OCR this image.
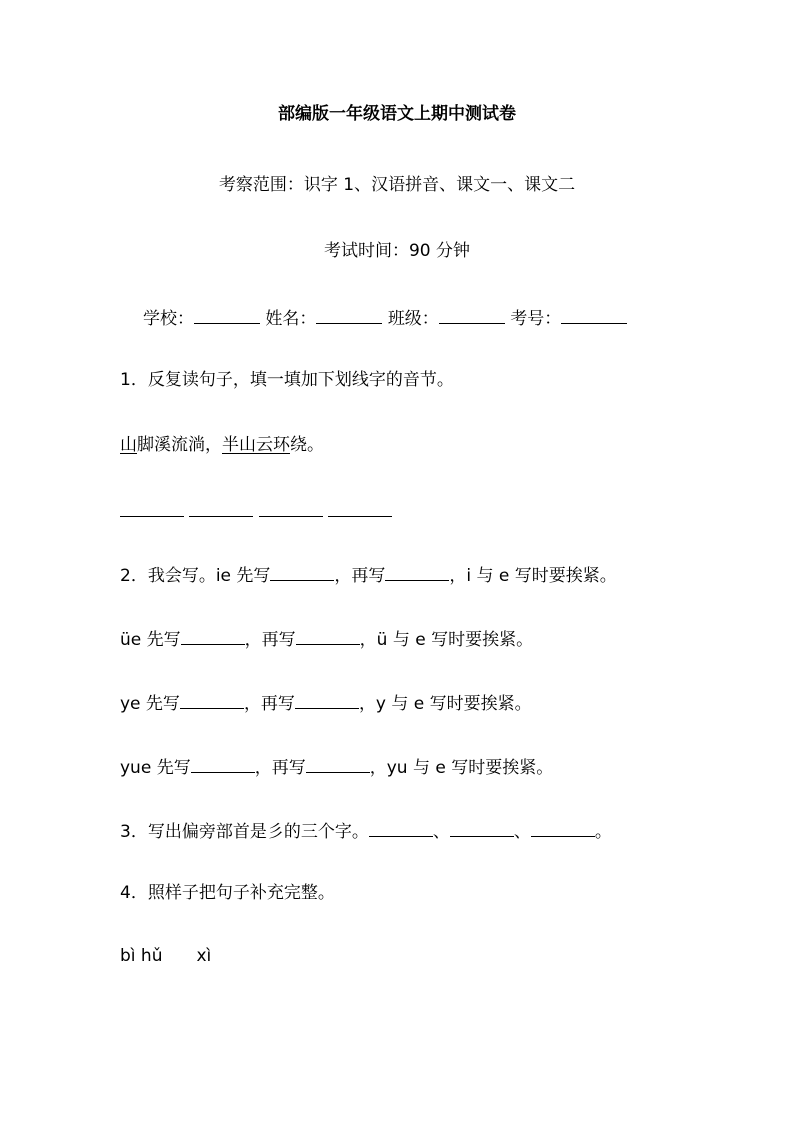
部编版一年级语文上期中测试卷
考察范围：识字 1、汉语拼音、课文一、课文二
考试时间：90 分钟
学校：	姓名：	班级：	考号：
1．反复读句子，填一填加下划线字的音节。
山脚溪流淌，半山云环绕。

2．我会写。ie 先写	，再写	，i 与 e 写时要挨紧。
üe 先写	，再写	，ü 与 e 写时要挨紧。
ye 先写	，再写	，y 与 e 写时要挨紧。
yue 先写	，再写	，yu 与 e 写时要挨紧。
3．写出偏旁部首是彡的三个字。	、	、	。
4．照样子把句子补充完整。
bì hǔ xì
